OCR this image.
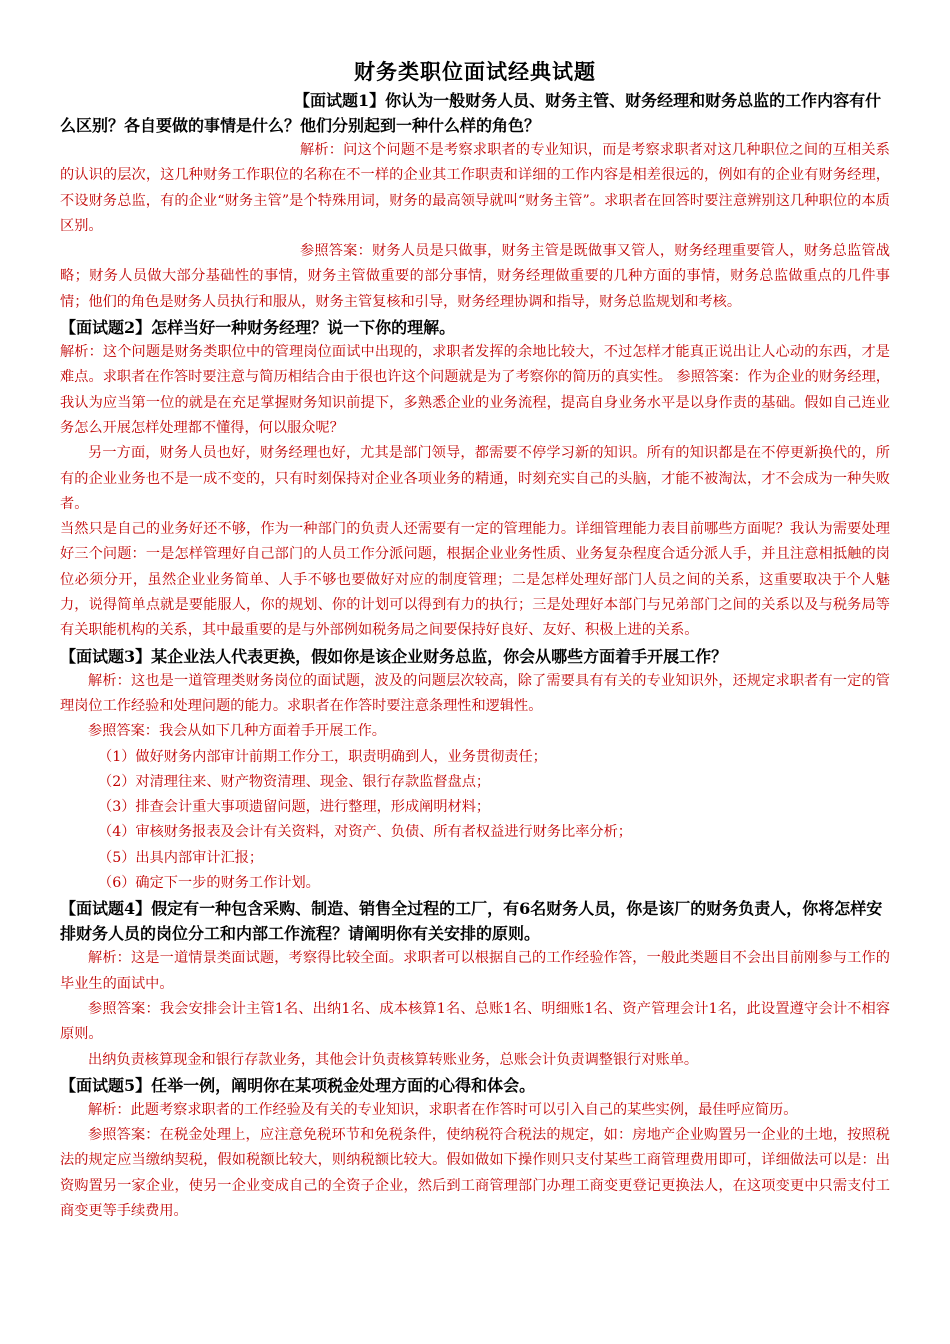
财务类职位面试经典试题

【面试题1】你认为一般财务人员、财务主管、财务经理和财务总监的工作内容有什么区别？各自要做的事情是什么？他们分别起到一种什么样的角色？

解析：问这个问题不是考察求职者的专业知识，而是考察求职者对这几种职位之间的互相关系的认识的层次，这几种财务工作职位的名称在不一样的企业其工作职责和详细的工作内容是相差很远的，例如有的企业有财务经理，不设财务总监，有的企业“财务主管”是个特殊用词，财务的最高领导就叫“财务主管”。求职者在回答时要注意辨别这几种职位的本质区别。

参照答案：财务人员是只做事，财务主管是既做事又管人，财务经理重要管人，财务总监管战略；财务人员做大部分基础性的事情，财务主管做重要的部分事情，财务经理做重要的几种方面的事情，财务总监做重点的几件事情；他们的角色是财务人员执行和服从，财务主管复核和引导，财务经理协调和指导，财务总监规划和考核。

【面试题2】怎样当好一种财务经理？说一下你的理解。

解析：这个问题是财务类职位中的管理岗位面试中出现的，求职者发挥的余地比较大，不过怎样才能真正说出让人心动的东西，才是难点。求职者在作答时要注意与简历相结合由于很也许这个问题就是为了考察你的简历的真实性。 参照答案：作为企业的财务经理，我认为应当第一位的就是在充足掌握财务知识前提下，多熟悉企业的业务流程，提高自身业务水平是以身作责的基础。假如自己连业务怎么开展怎样处理都不懂得，何以服众呢？

另一方面，财务人员也好，财务经理也好，尤其是部门领导，都需要不停学习新的知识。所有的知识都是在不停更新换代的，所有的企业业务也不是一成不变的，只有时刻保持对企业各项业务的精通，时刻充实自己的头脑，才能不被淘汰，才不会成为一种失败者。

当然只是自己的业务好还不够，作为一种部门的负责人还需要有一定的管理能力。详细管理能力表目前哪些方面呢？我认为需要处理好三个问题：一是怎样管理好自己部门的人员工作分派问题，根据企业业务性质、业务复杂程度合适分派人手，并且注意相抵触的岗位必须分开，虽然企业业务简单、人手不够也要做好对应的制度管理；二是怎样处理好部门人员之间的关系，这重要取决于个人魅力，说得简单点就是要能服人，你的规划、你的计划可以得到有力的执行；三是处理好本部门与兄弟部门之间的关系以及与税务局等有关职能机构的关系，其中最重要的是与外部例如税务局之间要保持好良好、友好、积极上进的关系。

【面试题3】某企业法人代表更换，假如你是该企业财务总监，你会从哪些方面着手开展工作？

解析：这也是一道管理类财务岗位的面试题，波及的问题层次较高，除了需要具有有关的专业知识外，还规定求职者有一定的管理岗位工作经验和处理问题的能力。求职者在作答时要注意条理性和逻辑性。

参照答案：我会从如下几种方面着手开展工作。

（1）做好财务内部审计前期工作分工，职责明确到人，业务贯彻责任；

（2）对清理往来、财产物资清理、现金、银行存款监督盘点；

（3）排查会计重大事项遗留问题，进行整理，形成阐明材料；

（4）审核财务报表及会计有关资料，对资产、负债、所有者权益进行财务比率分析；

（5）出具内部审计汇报；

（6）确定下一步的财务工作计划。

【面试题4】假定有一种包含采购、制造、销售全过程的工厂，有6名财务人员，你是该厂的财务负责人，你将怎样安排财务人员的岗位分工和内部工作流程？请阐明你有关安排的原则。

解析：这是一道情景类面试题，考察得比较全面。求职者可以根据自己的工作经验作答，一般此类题目不会出目前刚参与工作的毕业生的面试中。

参照答案：我会安排会计主管1名、出纳1名、成本核算1名、总账1名、明细账1名、资产管理会计1名，此设置遵守会计不相容原则。

出纳负责核算现金和银行存款业务，其他会计负责核算转账业务，总账会计负责调整银行对账单。

【面试题5】任举一例，阐明你在某项税金处理方面的心得和体会。

解析：此题考察求职者的工作经验及有关的专业知识，求职者在作答时可以引入自己的某些实例，最佳呼应简历。

参照答案：在税金处理上，应注意免税环节和免税条件，使纳税符合税法的规定，如：房地产企业购置另一企业的土地，按照税法的规定应当缴纳契税，假如税额比较大，则纳税额比较大。假如做如下操作则只支付某些工商管理费用即可，详细做法可以是：出资购置另一家企业，使另一企业变成自己的全资子企业，然后到工商管理部门办理工商变更登记更换法人，在这项变更中只需支付工商变更等手续费用。
